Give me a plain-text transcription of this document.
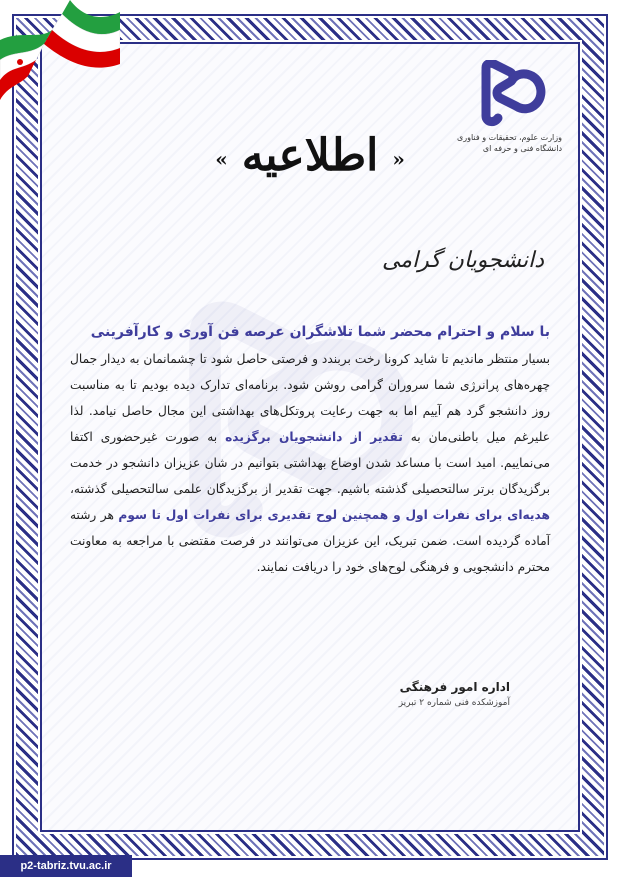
وزارت علوم، تحقیقات و فناوری
دانشگاه فنی و حرفه ای
«اطلاعیه»
دانشجویان گرامی
با سلام و احترام محضر شما تلاشگران عرصه فن آوری و کارآفرینی
بسیار منتظر ماندیم تا شاید کرونا رخت بربندد و فرصتی حاصل شود تا چشمانمان به دیدار جمال چهره‌های پرانرژی شما سروران گرامی روشن شود. برنامه‌ای تدارک دیده بودیم تا به مناسبت روز دانشجو گرد هم آییم اما به جهت رعایت پروتکل‌های بهداشتی این مجال حاصل نیامد. لذا علیرغم میل باطنی‌مان به تقدیر از دانشجویان برگزیده به صورت غیرحضوری اکتفا می‌نماییم. امید است با مساعد شدن اوضاع بهداشتی بتوانیم در شان عزیزان دانشجو در خدمت برگزیدگان برتر سالتحصیلی گذشته باشیم. جهت تقدیر از برگزیدگان علمی سالتحصیلی گذشته، هدیه‌ای برای نفرات اول و همچنین لوح تقدیری برای نفرات اول تا سوم هر رشته آماده گردیده است. ضمن تبریک، این عزیزان می‌توانند در فرصت مقتضی با مراجعه به معاونت محترم دانشجویی و فرهنگی لوح‌های خود را دریافت نمایند.
اداره امور فرهنگی
آموزشکده فنی شماره ۲ تبریز
p2-tabriz.tvu.ac.ir
